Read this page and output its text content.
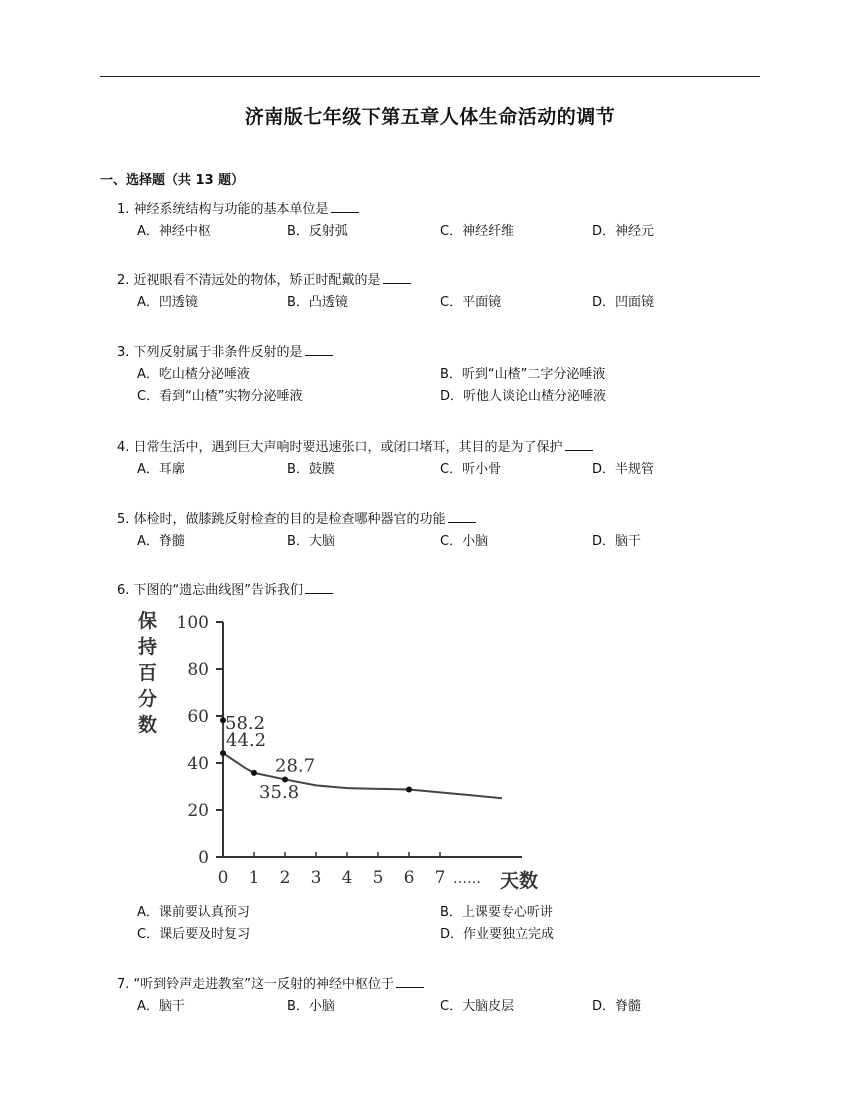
济南版七年级下第五章人体生命活动的调节
一、选择题（共 13 题）
1. 神经系统结构与功能的基本单位是
A．神经中枢	B．反射弧	C．神经纤维	D．神经元
2. 近视眼看不清远处的物体，矫正时配戴的是
A．凹透镜	B．凸透镜	C．平面镜	D．凹面镜
3. 下列反射属于非条件反射的是
A．吃山楂分泌唾液	B．听到“山楂”二字分泌唾液
C．看到“山楂”实物分泌唾液	D．听他人谈论山楂分泌唾液
4. 日常生活中，遇到巨大声响时要迅速张口，或闭口堵耳，其目的是为了保护
A．耳廓	B．鼓膜	C．听小骨	D．半规管
5. 体检时，做膝跳反射检查的目的是检查哪种器官的功能
A．脊髓	B．大脑	C．小脑	D．脑干
6. 下图的“遗忘曲线图”告诉我们
保
持
百
分
数
0
20
40
60
80
100
0 1 2 3 4 5 6 7 …… 天数
58.2
44.2
35.8
28.7
A．课前要认真预习	B．上课要专心听讲
C．课后要及时复习	D．作业要独立完成
7. “听到铃声走进教室”这一反射的神经中枢位于
A．脑干	B．小脑	C．大脑皮层	D．脊髓
